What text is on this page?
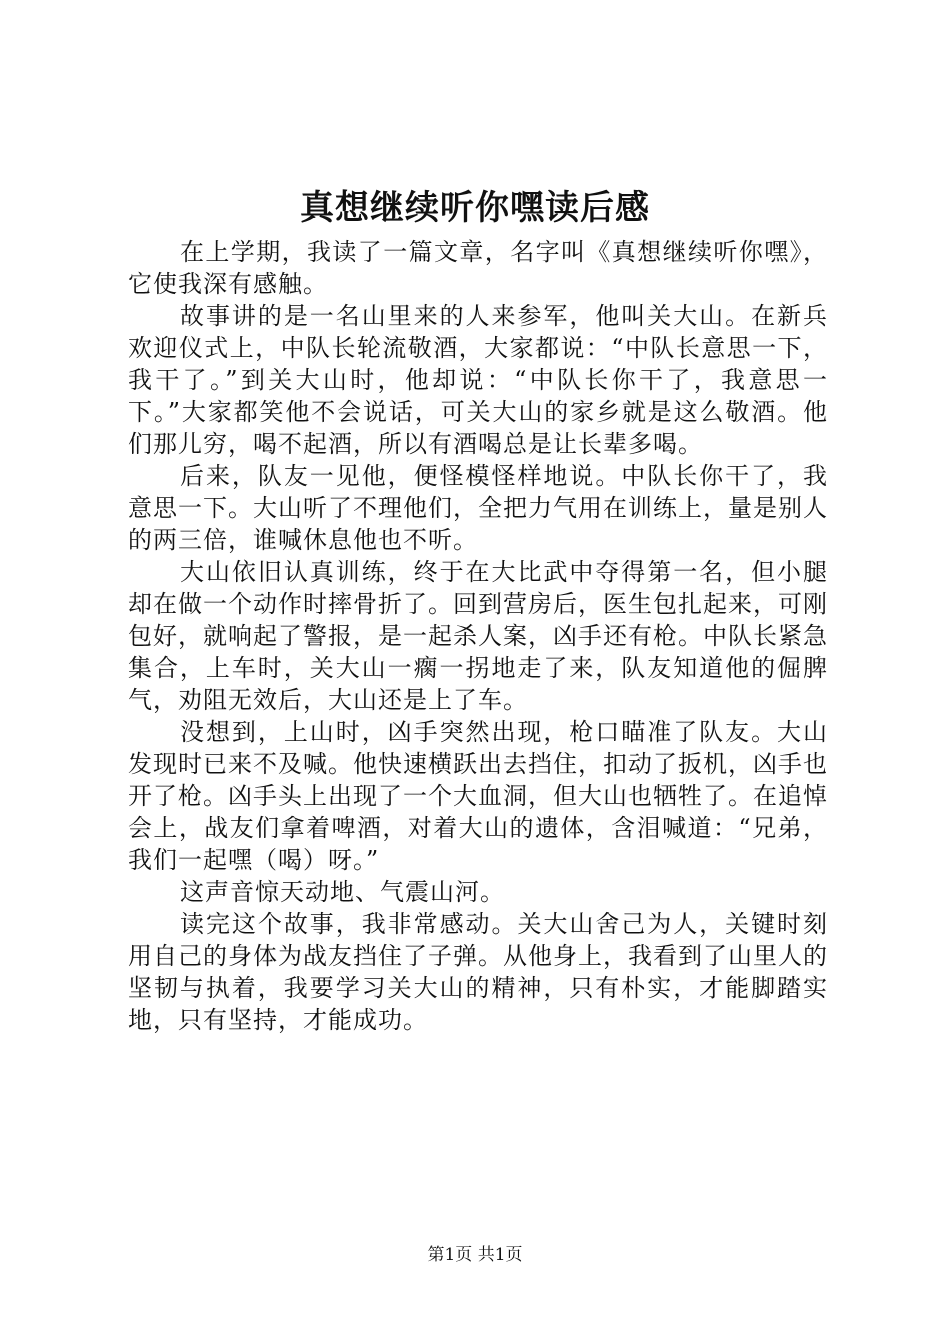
真想继续听你嘿读后感

在上学期，我读了一篇文章，名字叫《真想继续听你嘿》，它使我深有感触。

故事讲的是一名山里来的人来参军，他叫关大山。在新兵欢迎仪式上，中队长轮流敬酒，大家都说：“中队长意思一下，我干了。”到关大山时，他却说：“中队长你干了，我意思一下。”大家都笑他不会说话，可关大山的家乡就是这么敬酒。他们那儿穷，喝不起酒，所以有酒喝总是让长辈多喝。

后来，队友一见他，便怪模怪样地说。中队长你干了，我意思一下。大山听了不理他们，全把力气用在训练上，量是别人的两三倍，谁喊休息他也不听。

大山依旧认真训练，终于在大比武中夺得第一名，但小腿却在做一个动作时摔骨折了。回到营房后，医生包扎起来，可刚包好，就响起了警报，是一起杀人案，凶手还有枪。中队长紧急集合，上车时，关大山一瘸一拐地走了来，队友知道他的倔脾气，劝阻无效后，大山还是上了车。

没想到，上山时，凶手突然出现，枪口瞄准了队友。大山发现时已来不及喊。他快速横跃出去挡住，扣动了扳机，凶手也开了枪。凶手头上出现了一个大血洞，但大山也牺牲了。在追悼会上，战友们拿着啤酒，对着大山的遗体，含泪喊道：“兄弟，我们一起嘿（喝）呀。”

这声音惊天动地、气震山河。

读完这个故事，我非常感动。关大山舍己为人，关键时刻用自己的身体为战友挡住了子弹。从他身上，我看到了山里人的坚韧与执着，我要学习关大山的精神，只有朴实，才能脚踏实地，只有坚持，才能成功。

第1页 共1页
